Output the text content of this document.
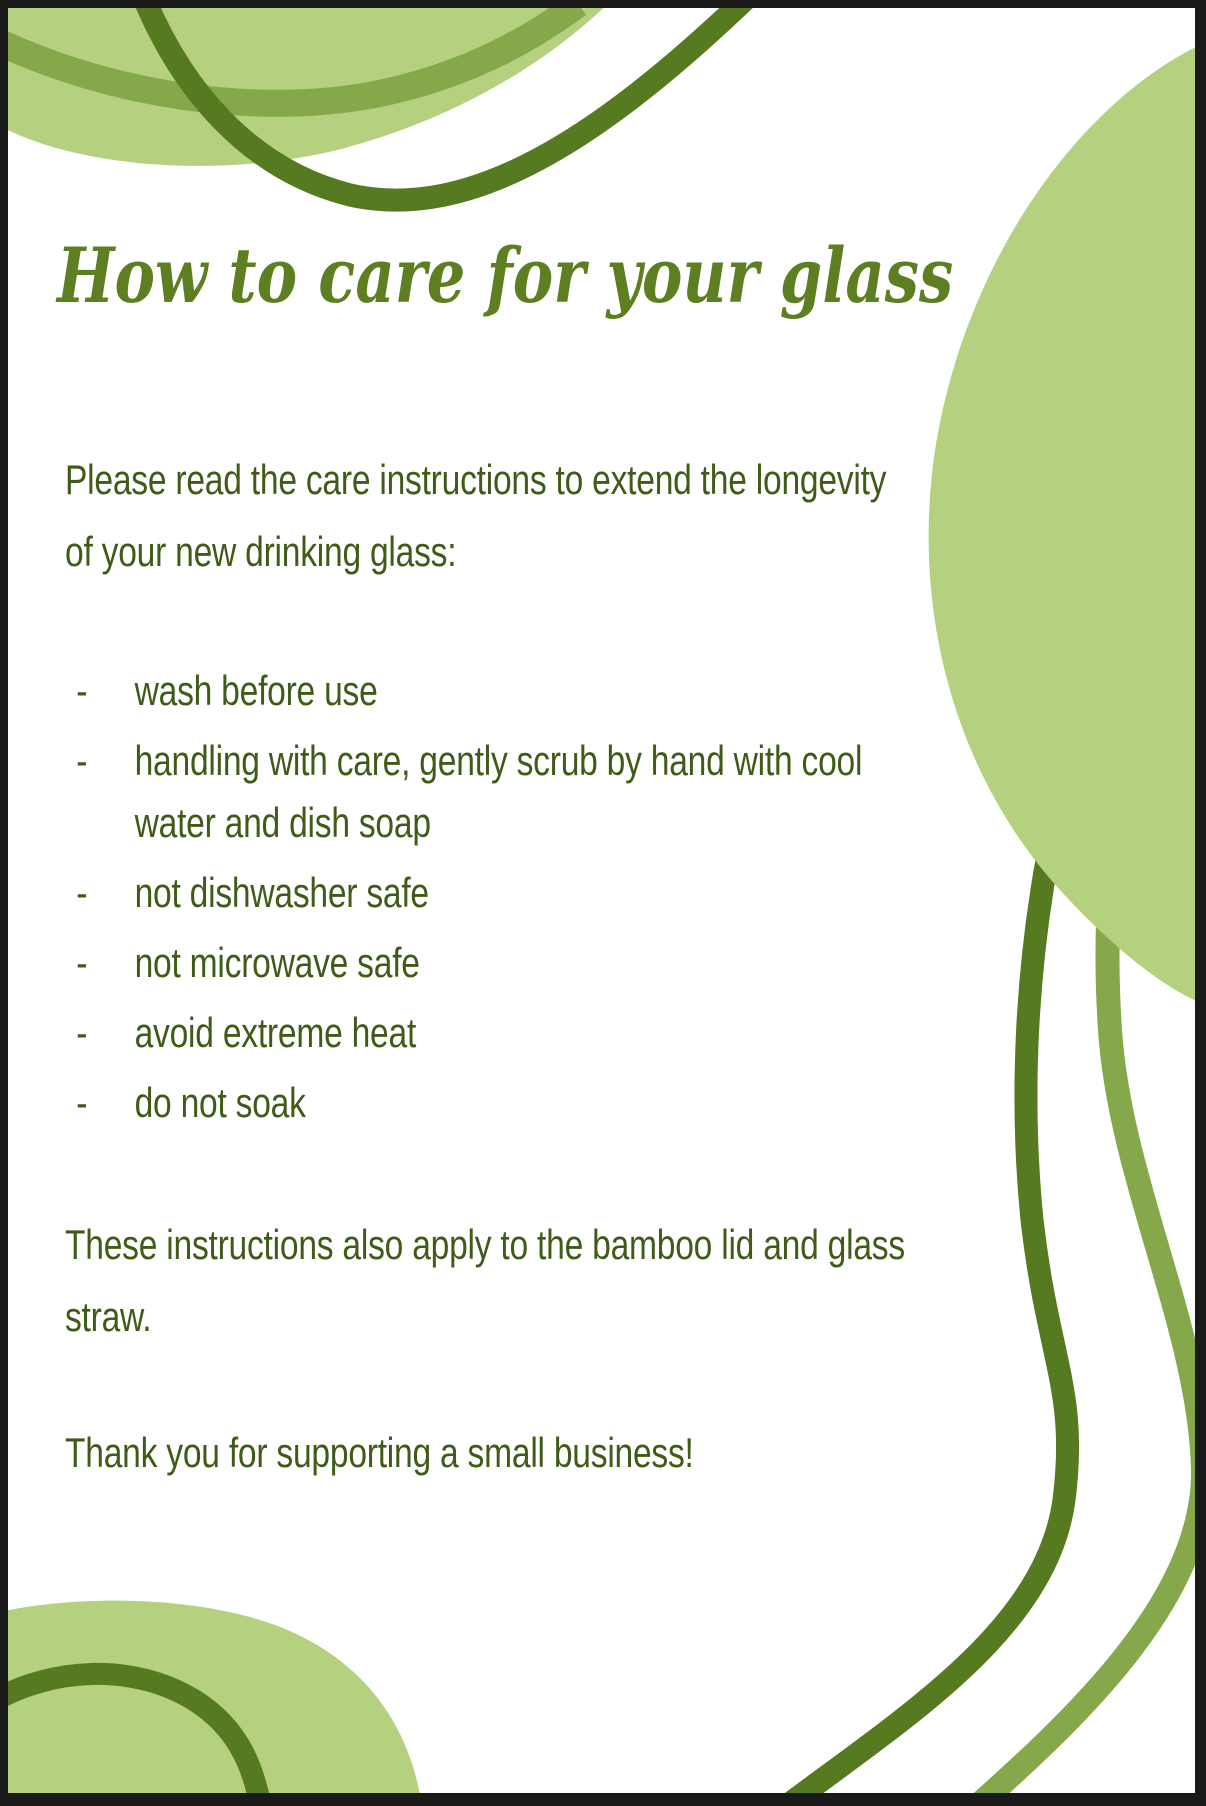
How to care for your glass

Please read the care instructions to extend the longevity of your new drinking glass:

- wash before use
- handling with care, gently scrub by hand with cool water and dish soap
- not dishwasher safe
- not microwave safe
- avoid extreme heat
- do not soak

These instructions also apply to the bamboo lid and glass straw.

Thank you for supporting a small business!
